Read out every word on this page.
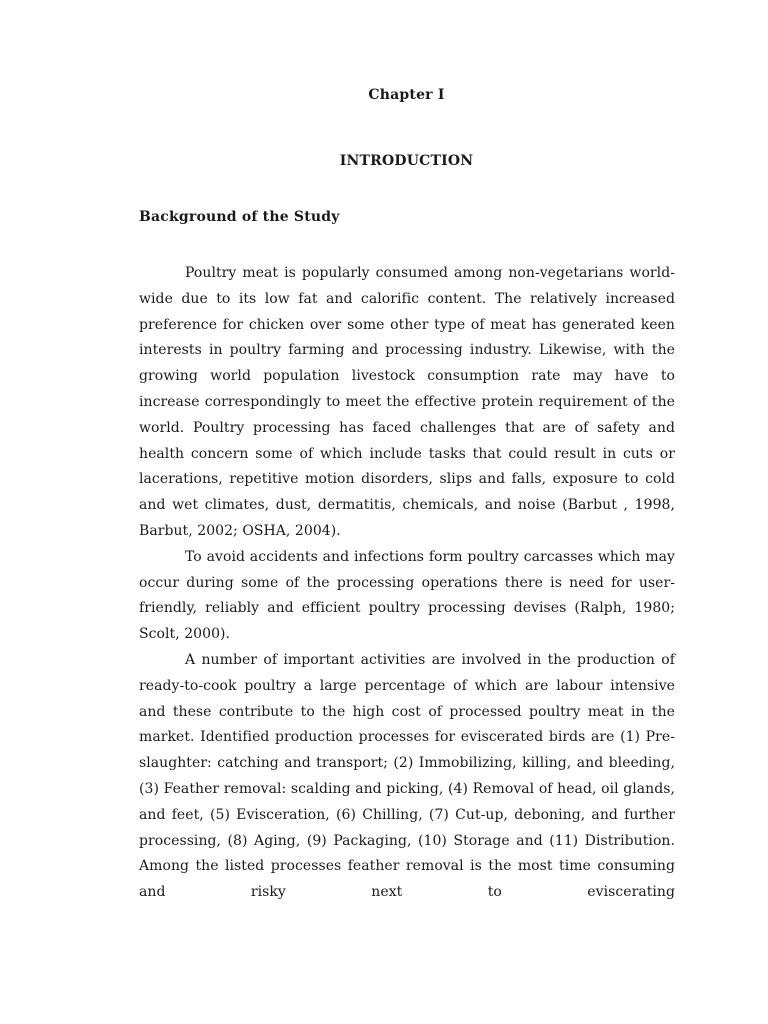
Chapter I
INTRODUCTION
Background of the Study

Poultry meat is popularly consumed among non-vegetarians world-wide due to its low fat and calorific content. The relatively increased preference for chicken over some other type of meat has generated keen interests in poultry farming and processing industry. Likewise, with the growing world population livestock consumption rate may have to increase correspondingly to meet the effective protein requirement of the world. Poultry processing has faced challenges that are of safety and health concern some of which include tasks that could result in cuts or lacerations, repetitive motion disorders, slips and falls, exposure to cold and wet climates, dust, dermatitis, chemicals, and noise (Barbut , 1998, Barbut, 2002; OSHA, 2004).

To avoid accidents and infections form poultry carcasses which may occur during some of the processing operations there is need for user-friendly, reliably and efficient poultry processing devises (Ralph, 1980; Scolt, 2000).

A number of important activities are involved in the production of ready-to-cook poultry a large percentage of which are labour intensive and these contribute to the high cost of processed poultry meat in the market. Identified production processes for eviscerated birds are (1) Pre-slaughter: catching and transport; (2) Immobilizing, killing, and bleeding, (3) Feather removal: scalding and picking, (4) Removal of head, oil glands, and feet, (5) Evisceration, (6) Chilling, (7) Cut-up, deboning, and further processing, (8) Aging, (9) Packaging, (10) Storage and (11) Distribution. Among the listed processes feather removal is the most time consuming and risky next to eviscerating
